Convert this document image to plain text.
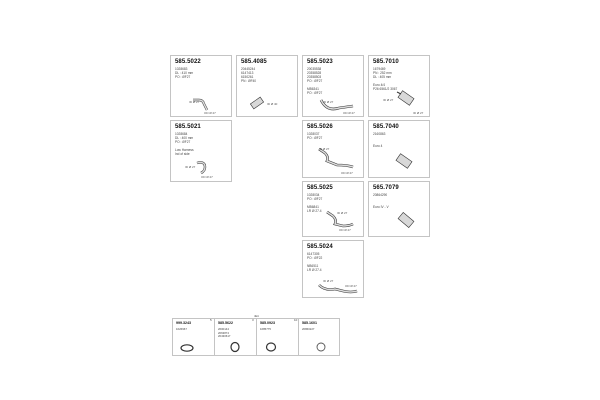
585.5022
1028683
DL : 410 mm
PO : ØF27
ID Ø 27
OD Ø 27
585.4085
20445244
6147413
6150261
PN : ØF40
ID Ø 40
585.5023
20035538
20358528
20358503
PO : ØF27
MB6341
PO : ØF27
ID Ø 27
OD Ø 27
585.7010
1679469
PN : 252 mm
DL : 405 mm
Euro 4/4
P26 6561/2 3067
ID Ø 27
ID Ø 27
585.5021
1028684
DL : 400 mm
PO : ØF27
Low Harness
Ind of side
ID Ø 27
OD Ø 27
585.5026
1028037
PO : ØF27
ID Ø 27
OD Ø 27
585.7040
2160863
Euro 4
585.5025
1028034
PO : ØF27
MB6841
LR Ø 27.4	ID Ø 27
OD Ø 27
565.7079
20864290
Euro IV - V
585.5024
6147305
PO : ØF22
NB6511
LR Ø 27.4
ID Ø 27
OD Ø 27
4kit
999.3243
1626967
5
585.5622
2600144
2063874
20430617
3
585.0923
1685775
10
585.1601
20860227
